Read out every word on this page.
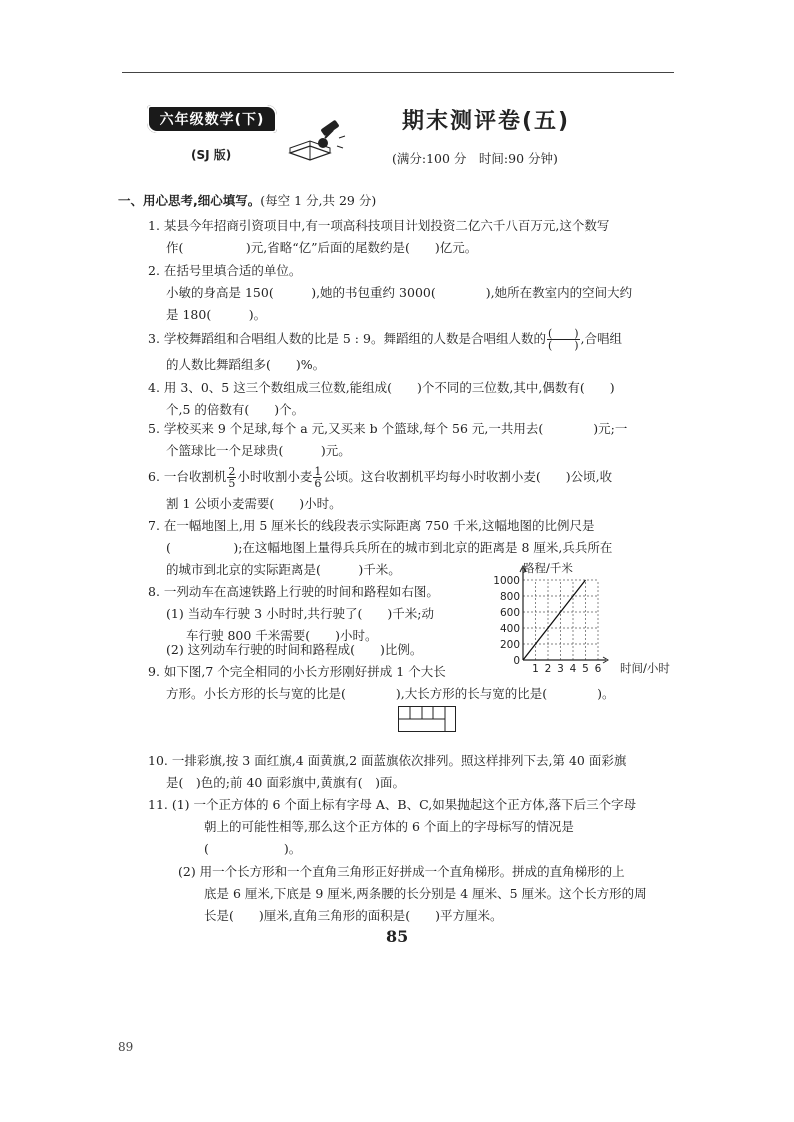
六年级数学(下)
(SJ 版)
期末测评卷(五)
(满分:100 分　时间:90 分钟)
一、用心思考,细心填写。(每空 1 分,共 29 分)
1. 某县今年招商引资项目中,有一项高科技项目计划投资二亿六千八百万元,这个数写
作(　　　　　)元,省略“亿”后面的尾数约是(　　)亿元。
2. 在括号里填合适的单位。
小敏的身高是 150(　　　),她的书包重约 3000(　　　　),她所在教室内的空间大约
是 180(　　　)。
3. 学校舞蹈组和合唱组人数的比是 5 : 9。舞蹈组的人数是合唱组人数的 $\frac{( )}{( )}$ ,合唱组
的人数比舞蹈组多(　　)%。
4. 用 3、0、5 这三个数组成三位数,能组成(　　)个不同的三位数,其中,偶数有(　　)
个,5 的倍数有(　　)个。
5. 学校买来 9 个足球,每个 a 元,又买来 b 个篮球,每个 56 元,一共用去(　　　　)元;一
个篮球比一个足球贵(　　　)元。
6. 一台收割机 $\frac{2}{5}$ 小时收割小麦 $\frac{1}{6}$ 公顷。这台收割机平均每小时收割小麦(　　)公顷,收
割 1 公顷小麦需要(　　)小时。
7. 在一幅地图上,用 5 厘米长的线段表示实际距离 750 千米,这幅地图的比例尺是
(　　　　　);在这幅地图上量得兵兵所在的城市到北京的距离是 8 厘米,兵兵所在
的城市到北京的实际距离是(　　　)千米。
8. 一列动车在高速铁路上行驶的时间和路程如右图。
(1) 当动车行驶 3 小时时,共行驶了(　　)千米;动
车行驶 800 千米需要(　　)小时。
(2) 这列动车行驶的时间和路程成(　　)比例。
9. 如下图,7 个完全相同的小长方形刚好拼成 1 个大长
方形。小长方形的长与宽的比是(　　　　),大长方形的长与宽的比是(　　　　)。
10. 一排彩旗,按 3 面红旗,4 面黄旗,2 面蓝旗依次排列。照这样排列下去,第 40 面彩旗
是(　)色的;前 40 面彩旗中,黄旗有(　)面。
11. (1) 一个正方体的 6 个面上标有字母 A、B、C,如果抛起这个正方体,落下后三个字母
朝上的可能性相等,那么这个正方体的 6 个面上的字母标写的情况是
(　　　　　　)。
(2) 用一个长方形和一个直角三角形正好拼成一个直角梯形。拼成的直角梯形的上
底是 6 厘米,下底是 9 厘米,两条腰的长分别是 4 厘米、5 厘米。这个长方形的周
长是(　　)厘米,直角三角形的面积是(　　)平方厘米。
0
200
400
600
800
1000
1 2 3 4 5 6
路程/千米
时间/小时
85
89
